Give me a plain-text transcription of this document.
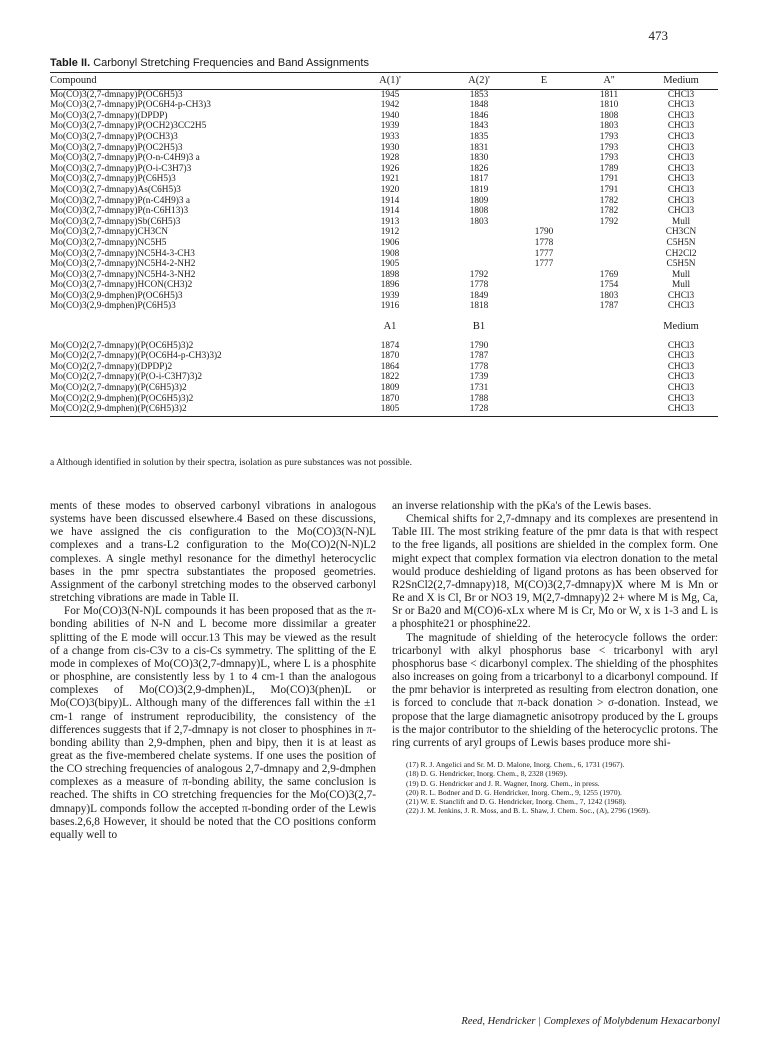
473
Table II. Carbonyl Stretching Frequencies and Band Assignments
Compound	A(1)'	A(2)'	E	A''	Medium
Mo(CO)3(2,7-dmnapy)P(OC6H5)3	1945	1853		1811	CHCl3
Mo(CO)3(2,7-dmnapy)P(OC6H4-p-CH3)3	1942	1848		1810	CHCl3
Mo(CO)3(2,7-dmnapy)(DPDP)	1940	1846		1808	CHCl3
Mo(CO)3(2,7-dmnapy)P(OCH2)3CC2H5	1939	1843		1803	CHCl3
Mo(CO)3(2,7-dmnapy)P(OCH3)3	1933	1835		1793	CHCl3
Mo(CO)3(2,7-dmnapy)P(OC2H5)3	1930	1831		1793	CHCl3
Mo(CO)3(2,7-dmnapy)P(O-n-C4H9)3 a	1928	1830		1793	CHCl3
Mo(CO)3(2,7-dmnapy)P(O-i-C3H7)3	1926	1826		1789	CHCl3
Mo(CO)3(2,7-dmnapy)P(C6H5)3	1921	1817		1791	CHCl3
Mo(CO)3(2,7-dmnapy)As(C6H5)3	1920	1819		1791	CHCl3
Mo(CO)3(2,7-dmnapy)P(n-C4H9)3 a	1914	1809		1782	CHCl3
Mo(CO)3(2,7-dmnapy)P(n-C6H13)3	1914	1808		1782	CHCl3
Mo(CO)3(2,7-dmnapy)Sb(C6H5)3	1913	1803		1792	Mull
Mo(CO)3(2,7-dmnapy)CH3CN	1912		1790		CH3CN
Mo(CO)3(2,7-dmnapy)NC5H5	1906		1778		C5H5N
Mo(CO)3(2,7-dmnapy)NC5H4-3-CH3	1908		1777		CH2Cl2
Mo(CO)3(2,7-dmnapy)NC5H4-2-NH2	1905		1777		C5H5N
Mo(CO)3(2,7-dmnapy)NC5H4-3-NH2	1898	1792		1769	Mull
Mo(CO)3(2,7-dmnapy)HCON(CH3)2	1896	1778		1754	Mull
Mo(CO)3(2,9-dmphen)P(OC6H5)3	1939	1849		1803	CHCl3
Mo(CO)3(2,9-dmphen)P(C6H5)3	1916	1818		1787	CHCl3
	A1	B1			Medium
Mo(CO)2(2,7-dmnapy)(P(OC6H5)3)2	1874	1790			CHCl3
Mo(CO)2(2,7-dmnapy)(P(OC6H4-p-CH3)3)2	1870	1787			CHCl3
Mo(CO)2(2,7-dmnapy)(DPDP)2	1864	1778			CHCl3
Mo(CO)2(2,7-dmnapy)(P(O-i-C3H7)3)2	1822	1739			CHCl3
Mo(CO)2(2,7-dmnapy)(P(C6H5)3)2	1809	1731			CHCl3
Mo(CO)2(2,9-dmphen)(P(OC6H5)3)2	1870	1788			CHCl3
Mo(CO)2(2,9-dmphen)(P(C6H5)3)2	1805	1728			CHCl3
a Although identified in solution by their spectra, isolation as pure substances was not possible.

ments of these modes to observed carbonyl vibrations in analogous systems have been discussed elsewhere.4 Based on these discussions, we have assigned the cis configuration to the Mo(CO)3(N-N)L complexes and a trans-L2 configuration to the Mo(CO)2(N-N)L2 complexes. A single methyl resonance for the dimethyl heterocyclic bases in the pmr spectra substantiates the proposed geometries. Assignment of the carbonyl stretching modes to the observed carbonyl stretching vibrations are made in Table II.

For Mo(CO)3(N-N)L compounds it has been proposed that as the π-bonding abilities of N-N and L become more dissimilar a greater splitting of the E mode will occur.13 This may be viewed as the result of a change from cis-C3v to a cis-Cs symmetry. The splitting of the E mode in complexes of Mo(CO)3(2,7-dmnapy)L, where L is a phosphite or phosphine, are consistently less by 1 to 4 cm-1 than the analogous complexes of Mo(CO)3(2,9-dmphen)L, Mo(CO)3(phen)L or Mo(CO)3(bipy)L. Although many of the differences fall within the ±1 cm-1 range of instrument reproducibility, the consistency of the differences suggests that if 2,7-dmnapy is not closer to phosphines in π-bonding ability than 2,9-dmphen, phen and bipy, then it is at least as great as the five-membered chelate systems. If one uses the position of the CO streching frequencies of analogous 2,7-dmnapy and 2,9-dmphen complexes as a measure of π-bonding ability, the same conclusion is reached. The shifts in CO stretching frequencies for the Mo(CO)3(2,7-dmnapy)L componds follow the accepted π-bonding order of the Lewis bases.2,6,8 However, it should be noted that the CO positions conform equally well to

an inverse relationship with the pKa's of the Lewis bases.

Chemical shifts for 2,7-dmnapy and its complexes are presentend in Table III. The most striking feature of the pmr data is that with respect to the free ligands, all positions are shielded in the complex form. One might expect that complex formation via electron donation to the metal would produce deshielding of ligand protons as has been observed for R2SnCl2(2,7-dmnapy)18, M(CO)3(2,7-dmnapy)X where M is Mn or Re and X is Cl, Br or NO3 19, M(2,7-dmnapy)2 2+ where M is Mg, Ca, Sr or Ba20 and M(CO)6-xLx where M is Cr, Mo or W, x is 1-3 and L is a phosphite21 or phosphine22.

The magnitude of shielding of the heterocycle follows the order: tricarbonyl with alkyl phosphorus base < tricarbonyl with aryl phosphorus base < dicarbonyl complex. The shielding of the phosphites also increases on going from a tricarbonyl to a dicarbonyl compound. If the pmr behavior is interpreted as resulting from electron donation, one is forced to conclude that π-back donation > σ-donation. Instead, we propose that the large diamagnetic anisotropy produced by the L groups is the major contributor to the shielding of the heterocyclic protons. The ring currents of aryl groups of Lewis bases produce more shi-

(17) R. J. Angelici and Sr. M. D. Malone, Inorg. Chem., 6, 1731 (1967).
(18) D. G. Hendricker, Inorg. Chem., 8, 2328 (1969).
(19) D. G. Hendricker and J. R. Wagner, Inorg. Chem., in press.
(20) R. L. Bodner and D. G. Hendricker, Inorg. Chem., 9, 1255 (1970).
(21) W. E. Stanclift and D. G. Hendricker, Inorg. Chem., 7, 1242 (1968).
(22) J. M. Jenkins, J. R. Moss, and B. L. Shaw, J. Chem. Soc., (A), 2796 (1969).
Reed, Hendricker | Complexes of Molybdenum Hexacarbonyl
